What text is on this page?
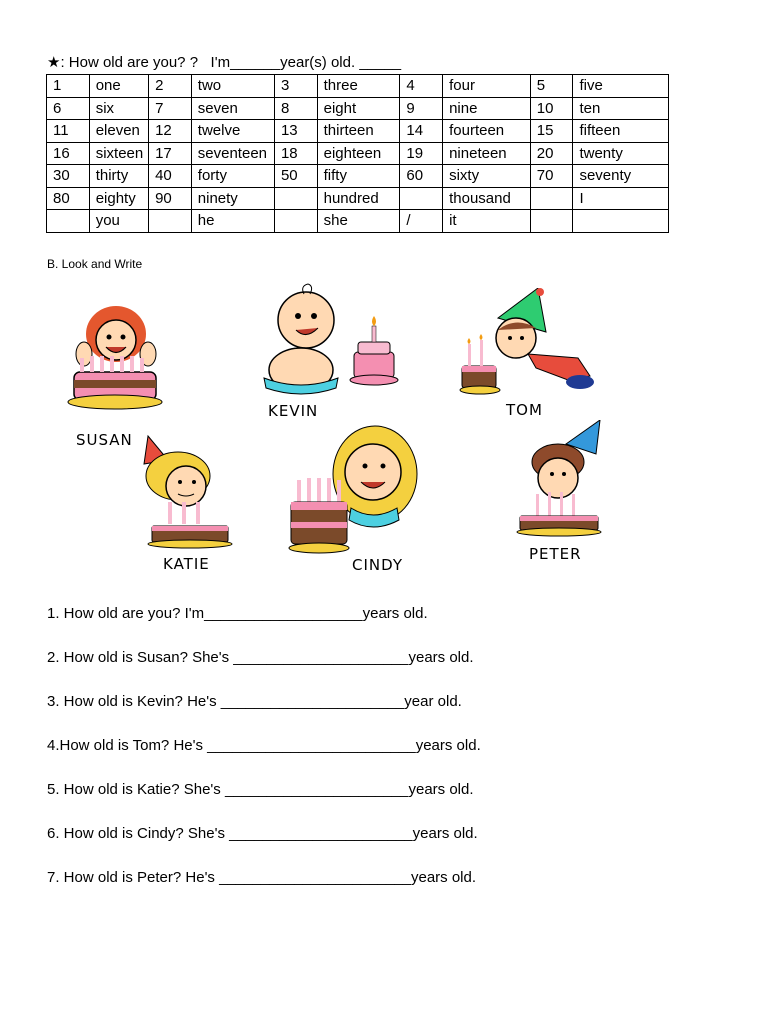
★: How old are you? ?   I'm______year(s) old. _____
1	one	2	two	3	three	4	four	5	five
6	six	7	seven	8	eight	9	nine	10	ten
11	eleven	12	twelve	13	thirteen	14	fourteen	15	fifteen
16	sixteen	17	seventeen	18	eighteen	19	nineteen	20	twenty
30	thirty	40	forty	50	fifty	60	sixty	70	seventy
80	eighty	90	ninety		hundred		thousand		I
	you		he		she	/	it		
B. Look and Write
SUSAN
KEVIN	TOM
KATIE	CINDY
PETER
1. How old are you? I'm___________________years old.
2. How old is Susan? She's _____________________years old.
3. How old is Kevin? He's ______________________year old.
4.How old is Tom? He's _________________________years old.
5. How old is Katie? She's ______________________years old.
6. How old is Cindy? She's ______________________years old.
7. How old is Peter? He's _______________________years old.
